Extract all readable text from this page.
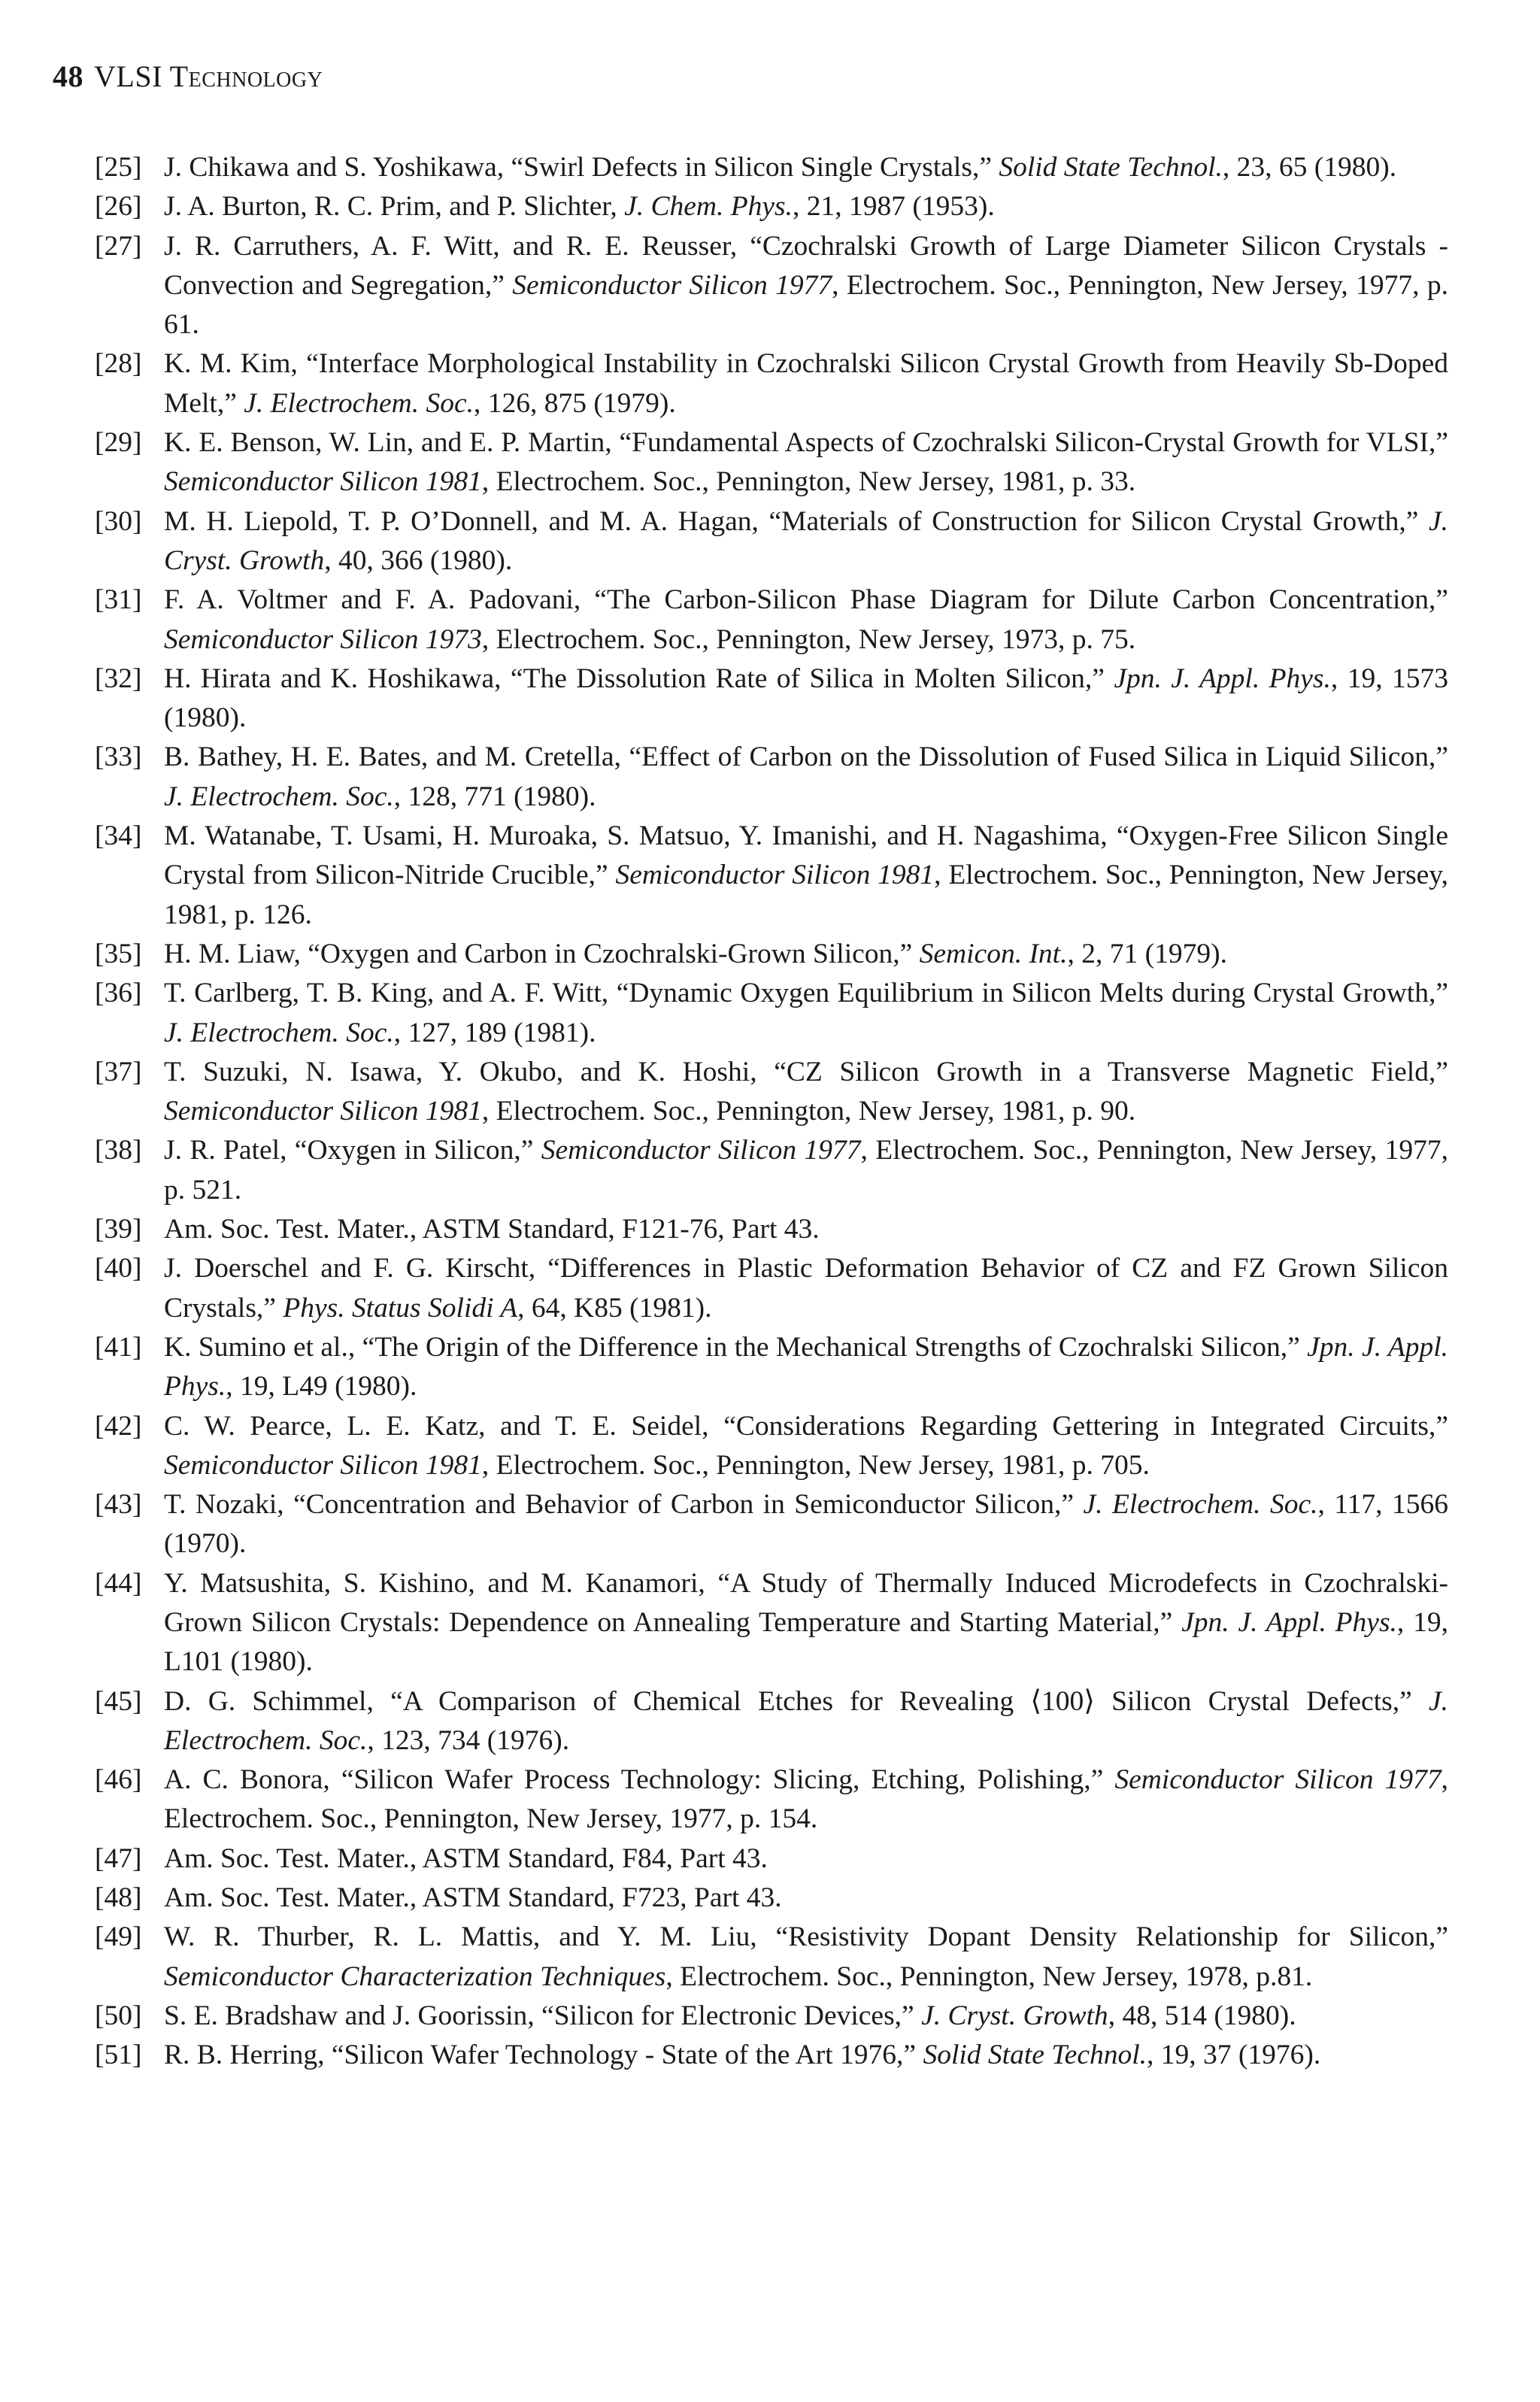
48 VLSI Technology
[25] J. Chikawa and S. Yoshikawa, “Swirl Defects in Silicon Single Crystals,” Solid State Technol., 23, 65 (1980).
[26] J. A. Burton, R. C. Prim, and P. Slichter, J. Chem. Phys., 21, 1987 (1953).
[27] J. R. Carruthers, A. F. Witt, and R. E. Reusser, “Czochralski Growth of Large Diameter Silicon Crystals - Convection and Segregation,” Semiconductor Silicon 1977, Electrochem. Soc., Pennington, New Jersey, 1977, p. 61.
[28] K. M. Kim, “Interface Morphological Instability in Czochralski Silicon Crystal Growth from Heavily Sb-Doped Melt,” J. Electrochem. Soc., 126, 875 (1979).
[29] K. E. Benson, W. Lin, and E. P. Martin, “Fundamental Aspects of Czochralski Silicon-Crystal Growth for VLSI,” Semiconductor Silicon 1981, Electrochem. Soc., Pennington, New Jersey, 1981, p. 33.
[30] M. H. Liepold, T. P. O’Donnell, and M. A. Hagan, “Materials of Construction for Silicon Crystal Growth,” J. Cryst. Growth, 40, 366 (1980).
[31] F. A. Voltmer and F. A. Padovani, “The Carbon-Silicon Phase Diagram for Dilute Carbon Concentration,” Semiconductor Silicon 1973, Electrochem. Soc., Pennington, New Jersey, 1973, p. 75.
[32] H. Hirata and K. Hoshikawa, “The Dissolution Rate of Silica in Molten Silicon,” Jpn. J. Appl. Phys., 19, 1573 (1980).
[33] B. Bathey, H. E. Bates, and M. Cretella, “Effect of Carbon on the Dissolution of Fused Silica in Liquid Silicon,” J. Electrochem. Soc., 128, 771 (1980).
[34] M. Watanabe, T. Usami, H. Muroaka, S. Matsuo, Y. Imanishi, and H. Nagashima, “Oxygen-Free Silicon Single Crystal from Silicon-Nitride Crucible,” Semiconductor Silicon 1981, Electrochem. Soc., Pennington, New Jersey, 1981, p. 126.
[35] H. M. Liaw, “Oxygen and Carbon in Czochralski-Grown Silicon,” Semicon. Int., 2, 71 (1979).
[36] T. Carlberg, T. B. King, and A. F. Witt, “Dynamic Oxygen Equilibrium in Silicon Melts during Crystal Growth,” J. Electrochem. Soc., 127, 189 (1981).
[37] T. Suzuki, N. Isawa, Y. Okubo, and K. Hoshi, “CZ Silicon Growth in a Transverse Magnetic Field,” Semiconductor Silicon 1981, Electrochem. Soc., Pennington, New Jersey, 1981, p. 90.
[38] J. R. Patel, “Oxygen in Silicon,” Semiconductor Silicon 1977, Electrochem. Soc., Pennington, New Jersey, 1977, p. 521.
[39] Am. Soc. Test. Mater., ASTM Standard, F121-76, Part 43.
[40] J. Doerschel and F. G. Kirscht, “Differences in Plastic Deformation Behavior of CZ and FZ Grown Silicon Crystals,” Phys. Status Solidi A, 64, K85 (1981).
[41] K. Sumino et al., “The Origin of the Difference in the Mechanical Strengths of Czochralski Silicon,” Jpn. J. Appl. Phys., 19, L49 (1980).
[42] C. W. Pearce, L. E. Katz, and T. E. Seidel, “Considerations Regarding Gettering in Integrated Circuits,” Semiconductor Silicon 1981, Electrochem. Soc., Pennington, New Jersey, 1981, p. 705.
[43] T. Nozaki, “Concentration and Behavior of Carbon in Semiconductor Silicon,” J. Electrochem. Soc., 117, 1566 (1970).
[44] Y. Matsushita, S. Kishino, and M. Kanamori, “A Study of Thermally Induced Microdefects in Czochralski-Grown Silicon Crystals: Dependence on Annealing Temperature and Starting Material,” Jpn. J. Appl. Phys., 19, L101 (1980).
[45] D. G. Schimmel, “A Comparison of Chemical Etches for Revealing ⟨100⟩ Silicon Crystal Defects,” J. Electrochem. Soc., 123, 734 (1976).
[46] A. C. Bonora, “Silicon Wafer Process Technology: Slicing, Etching, Polishing,” Semiconductor Silicon 1977, Electrochem. Soc., Pennington, New Jersey, 1977, p. 154.
[47] Am. Soc. Test. Mater., ASTM Standard, F84, Part 43.
[48] Am. Soc. Test. Mater., ASTM Standard, F723, Part 43.
[49] W. R. Thurber, R. L. Mattis, and Y. M. Liu, “Resistivity Dopant Density Relationship for Silicon,” Semiconductor Characterization Techniques, Electrochem. Soc., Pennington, New Jersey, 1978, p.81.
[50] S. E. Bradshaw and J. Goorissin, “Silicon for Electronic Devices,” J. Cryst. Growth, 48, 514 (1980).
[51] R. B. Herring, “Silicon Wafer Technology - State of the Art 1976,” Solid State Technol., 19, 37 (1976).
